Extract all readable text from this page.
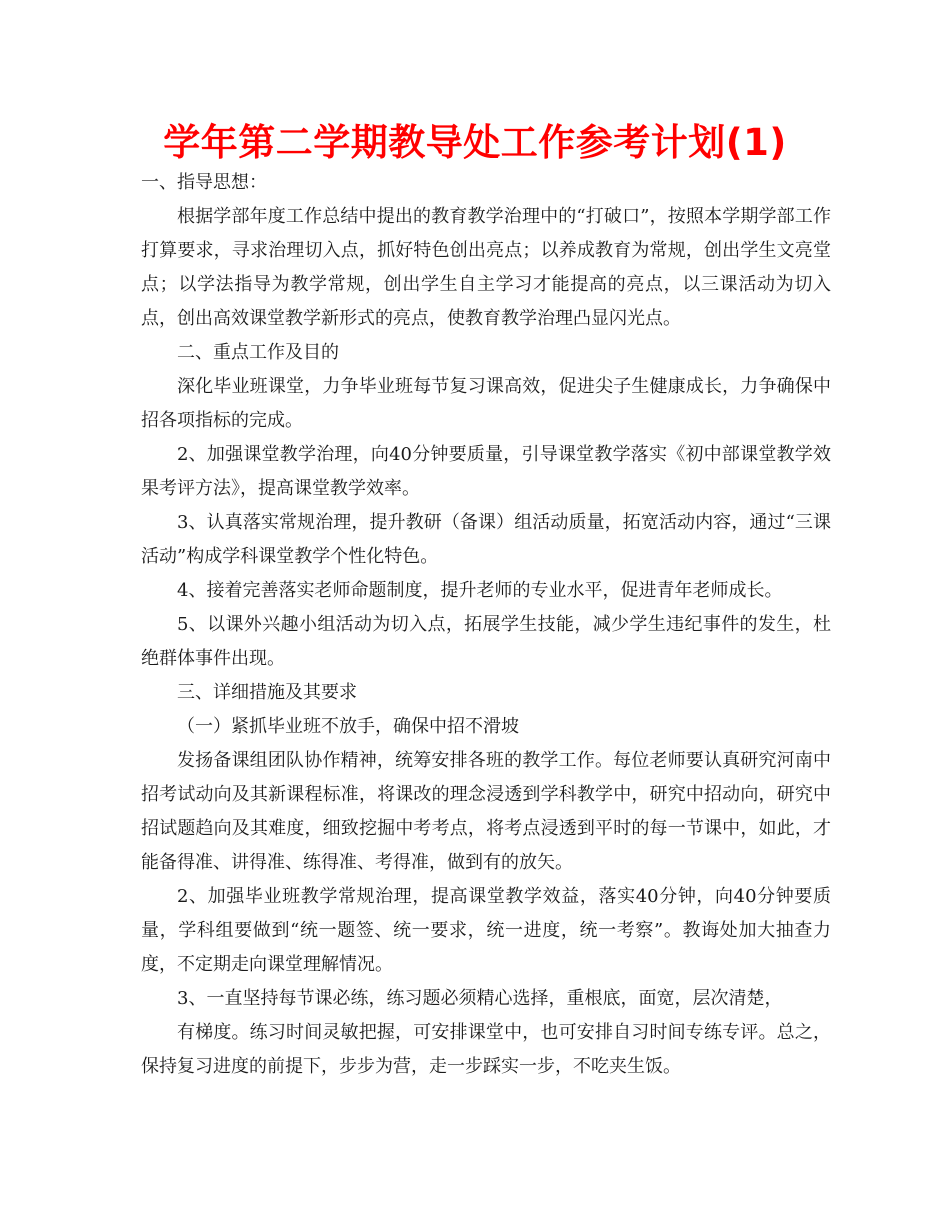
学年第二学期教导处工作参考计划(1)

一、指导思想：

根据学部年度工作总结中提出的教育教学治理中的“打破口”，按照本学期学部工作打算要求，寻求治理切入点，抓好特色创出亮点；以养成教育为常规，创出学生文亮堂点；以学法指导为教学常规，创出学生自主学习才能提高的亮点，以三课活动为切入点，创出高效课堂教学新形式的亮点，使教育教学治理凸显闪光点。

二、重点工作及目的

深化毕业班课堂，力争毕业班每节复习课高效，促进尖子生健康成长，力争确保中招各项指标的完成。

2、加强课堂教学治理，向40分钟要质量，引导课堂教学落实《初中部课堂教学效果考评方法》，提高课堂教学效率。

3、认真落实常规治理，提升教研（备课）组活动质量，拓宽活动内容，通过“三课活动”构成学科课堂教学个性化特色。

4、接着完善落实老师命题制度，提升老师的专业水平，促进青年老师成长。

5、以课外兴趣小组活动为切入点，拓展学生技能，减少学生违纪事件的发生，杜绝群体事件出现。

三、详细措施及其要求

（一）紧抓毕业班不放手，确保中招不滑坡

发扬备课组团队协作精神，统筹安排各班的教学工作。每位老师要认真研究河南中招考试动向及其新课程标准，将课改的理念浸透到学科教学中，研究中招动向，研究中招试题趋向及其难度，细致挖掘中考考点，将考点浸透到平时的每一节课中，如此，才能备得准、讲得准、练得准、考得准，做到有的放矢。

2、加强毕业班教学常规治理，提高课堂教学效益，落实40分钟，向40分钟要质量，学科组要做到“统一题签、统一要求，统一进度，统一考察”。教诲处加大抽查力度，不定期走向课堂理解情况。

3、一直坚持每节课必练，练习题必须精心选择，重根底，面宽，层次清楚，

有梯度。练习时间灵敏把握，可安排课堂中，也可安排自习时间专练专评。总之，保持复习进度的前提下，步步为营，走一步踩实一步，不吃夹生饭。
